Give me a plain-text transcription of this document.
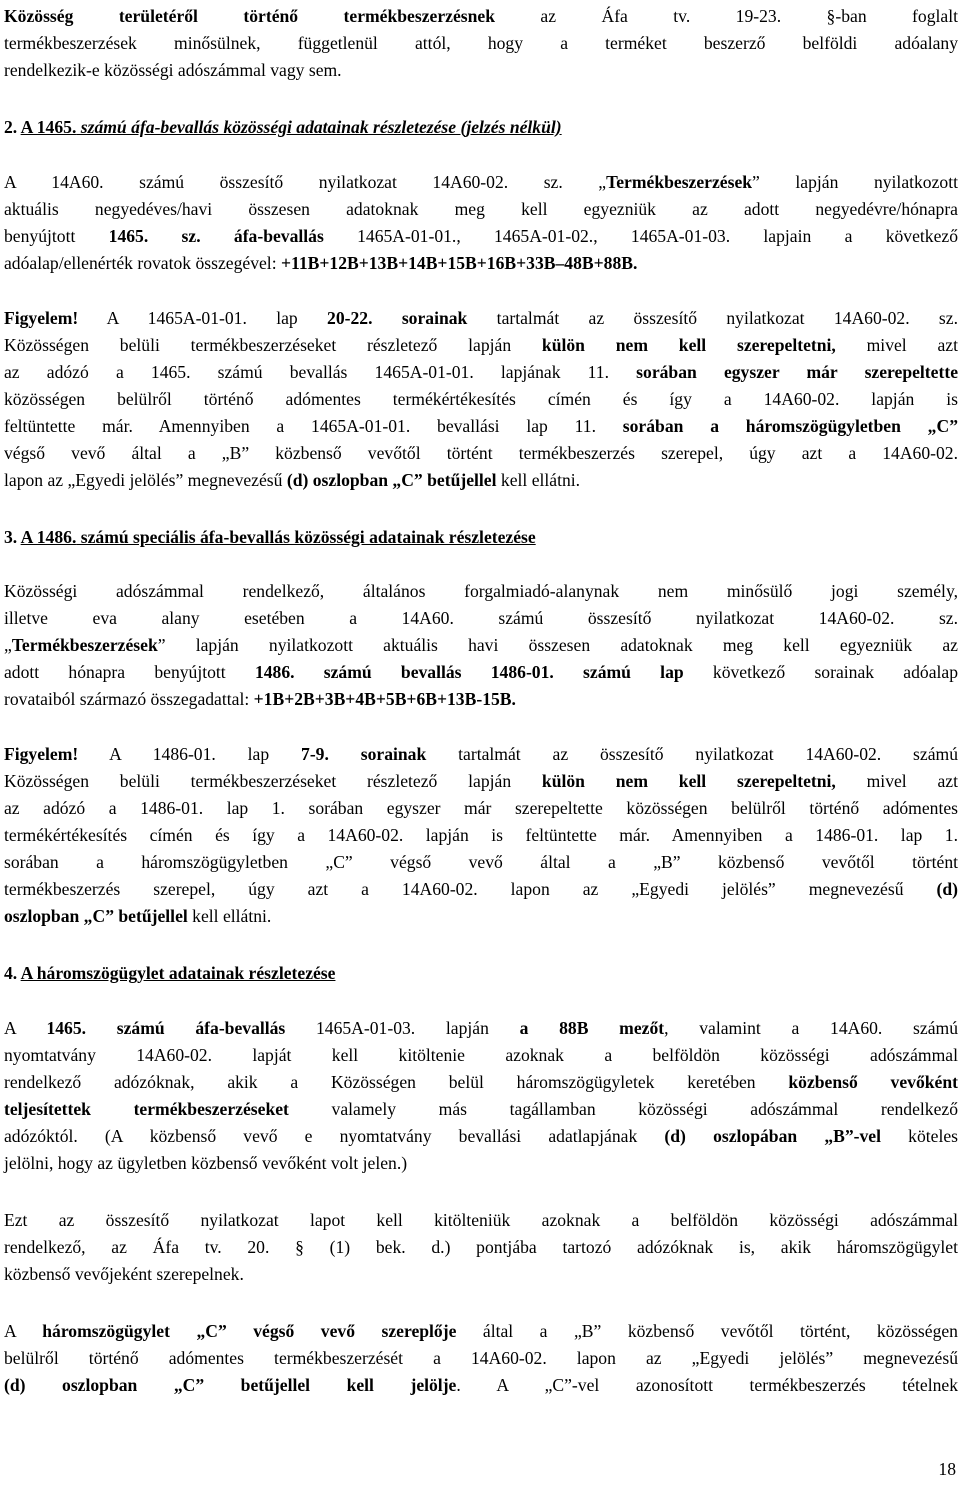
Közösség területéről történő termékbeszerzésnek az Áfa tv. 19-23. §-ban foglalt
termékbeszerzések minősülnek, függetlenül attól, hogy a terméket beszerző belföldi adóalany
rendelkezik-e közösségi adószámmal vagy sem.
2. A 1465. számú áfa-bevallás közösségi adatainak részletezése (jelzés nélkül)
A 14A60. számú összesítő nyilatkozat 14A60-02. sz. „Termékbeszerzések” lapján nyilatkozott
aktuális negyedéves/havi összesen adatoknak meg kell egyezniük az adott negyedévre/hónapra
benyújtott 1465. sz. áfa-bevallás 1465A-01-01., 1465A-01-02., 1465A-01-03. lapjain a következő
adóalap/ellenérték rovatok összegével: +11B+12B+13B+14B+15B+16B+33B–48B+88B.
Figyelem! A 1465A-01-01. lap 20-22. sorainak tartalmát az összesítő nyilatkozat 14A60-02. sz.
Közösségen belüli termékbeszerzéseket részletező lapján külön nem kell szerepeltetni, mivel azt
az adózó a 1465. számú bevallás 1465A-01-01. lapjának 11. sorában egyszer már szerepeltette
közösségen belülről történő adómentes termékértékesítés címén és így a 14A60-02. lapján is
feltüntette már. Amennyiben a 1465A-01-01. bevallási lap 11. sorában a háromszögügyletben „C”
végső vevő által a „B” közbenső vevőtől történt termékbeszerzés szerepel, úgy azt a 14A60-02.
lapon az „Egyedi jelölés” megnevezésű (d) oszlopban „C” betűjellel kell ellátni.
3. A 1486. számú speciális áfa-bevallás közösségi adatainak részletezése
Közösségi adószámmal rendelkező, általános forgalmiadó-alanynak nem minősülő jogi személy,
illetve eva alany esetében a 14A60. számú összesítő nyilatkozat 14A60-02. sz.
„Termékbeszerzések” lapján nyilatkozott aktuális havi összesen adatoknak meg kell egyezniük az
adott hónapra benyújtott 1486. számú bevallás 1486-01. számú lap következő sorainak adóalap
rovataiból származó összegadattal: +1B+2B+3B+4B+5B+6B+13B-15B.
Figyelem! A 1486-01. lap 7-9. sorainak tartalmát az összesítő nyilatkozat 14A60-02. számú
Közösségen belüli termékbeszerzéseket részletező lapján külön nem kell szerepeltetni, mivel azt
az adózó a 1486-01. lap 1. sorában egyszer már szerepeltette közösségen belülről történő adómentes
termékértékesítés címén és így a 14A60-02. lapján is feltüntette már. Amennyiben a 1486-01. lap 1.
sorában a háromszögügyletben „C” végső vevő által a „B” közbenső vevőtől történt
termékbeszerzés szerepel, úgy azt a 14A60-02. lapon az „Egyedi jelölés” megnevezésű (d)
oszlopban „C” betűjellel kell ellátni.
4. A háromszögügylet adatainak részletezése
A 1465. számú áfa-bevallás 1465A-01-03. lapján a 88B mezőt, valamint a 14A60. számú
nyomtatvány 14A60-02. lapját kell kitöltenie azoknak a belföldön közösségi adószámmal
rendelkező adózóknak, akik a Közösségen belül háromszögügyletek keretében közbenső vevőként
teljesítettek termékbeszerzéseket valamely más tagállamban közösségi adószámmal rendelkező
adózóktól. (A közbenső vevő e nyomtatvány bevallási adatlapjának (d) oszlopában „B”-vel köteles
jelölni, hogy az ügyletben közbenső vevőként volt jelen.)
Ezt az összesítő nyilatkozat lapot kell kitölteniük azoknak a belföldön közösségi adószámmal
rendelkező, az Áfa tv. 20. § (1) bek. d.) pontjába tartozó adózóknak is, akik háromszögügylet
közbenső vevőjeként szerepelnek.
A háromszögügylet „C” végső vevő szereplője által a „B” közbenső vevőtől történt, közösségen
belülről történő adómentes termékbeszerzését a 14A60-02. lapon az „Egyedi jelölés” megnevezésű
(d) oszlopban „C” betűjellel kell jelölje. A „C”-vel azonosított termékbeszerzés tételnek
18
